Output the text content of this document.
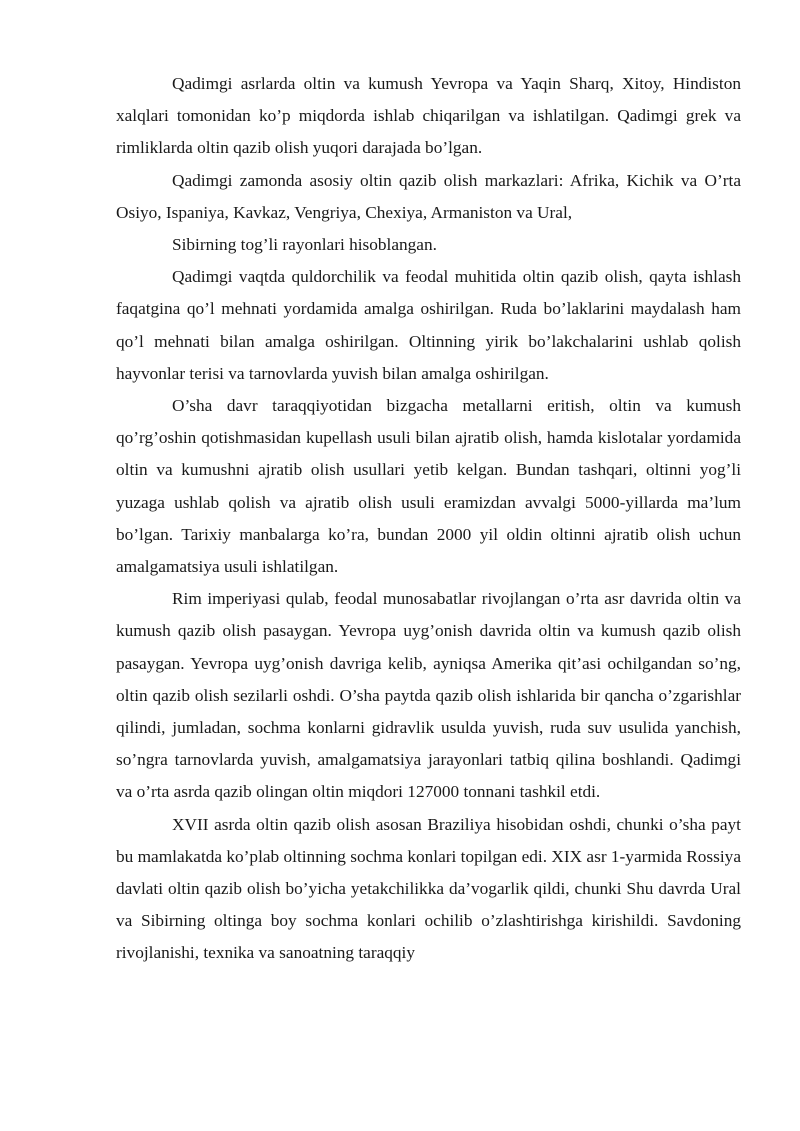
Qadimgi asrlarda oltin va kumush Yevropa va Yaqin Sharq, Xitoy, Hindiston xalqlari tomonidan ko’p miqdorda ishlab chiqarilgan va ishlatilgan. Qadimgi grek va rimliklarda oltin qazib olish yuqori darajada bo’lgan.

Qadimgi zamonda asosiy oltin qazib olish markazlari: Afrika, Kichik va O’rta Osiyo, Ispaniya, Kavkaz, Vengriya, Chexiya, Armaniston va Ural,

Sibirning tog’li rayonlari hisoblangan.

Qadimgi vaqtda quldorchilik va feodal muhitida oltin qazib olish, qayta ishlash faqatgina qo’l mehnati yordamida amalga oshirilgan. Ruda bo’laklarini maydalash ham qo’l mehnati bilan amalga oshirilgan. Oltinning yirik bo’lakchalarini ushlab qolish hayvonlar terisi va tarnovlarda yuvish bilan amalga oshirilgan.

O’sha davr taraqqiyotidan bizgacha metallarni eritish, oltin va kumush qo’rg’oshin qotishmasidan kupellash usuli bilan ajratib olish, hamda kislotalar yordamida oltin va kumushni ajratib olish usullari yetib kelgan. Bundan tashqari, oltinni yog’li yuzaga ushlab qolish va ajratib olish usuli eramizdan avvalgi 5000-yillarda ma’lum bo’lgan. Tarixiy manbalarga ko’ra, bundan 2000 yil oldin oltinni ajratib olish uchun amalgamatsiya usuli ishlatilgan.

Rim imperiyasi qulab, feodal munosabatlar rivojlangan o’rta asr davrida oltin va kumush qazib olish pasaygan. Yevropa uyg’onish davrida oltin va kumush qazib olish pasaygan. Yevropa uyg’onish davriga kelib, ayniqsa Amerika qit’asi ochilgandan so’ng, oltin qazib olish sezilarli oshdi. O’sha paytda qazib olish ishlarida bir qancha o’zgarishlar qilindi, jumladan, sochma konlarni gidravlik usulda yuvish, ruda suv usulida yanchish, so’ngra tarnovlarda yuvish, amalgamatsiya jarayonlari tatbiq qilina boshlandi. Qadimgi va o’rta asrda qazib olingan oltin miqdori 127000 tonnani tashkil etdi.

XVII asrda oltin qazib olish asosan Braziliya hisobidan oshdi, chunki o’sha payt bu mamlakatda ko’plab oltinning sochma konlari topilgan edi. XIX asr 1-yarmida Rossiya davlati oltin qazib olish bo’yicha yetakchilikka da’vogarlik qildi, chunki Shu davrda Ural va Sibirning oltinga boy sochma konlari ochilib o’zlashtirishga kirishildi. Savdoning rivojlanishi, texnika va sanoatning taraqqiy
